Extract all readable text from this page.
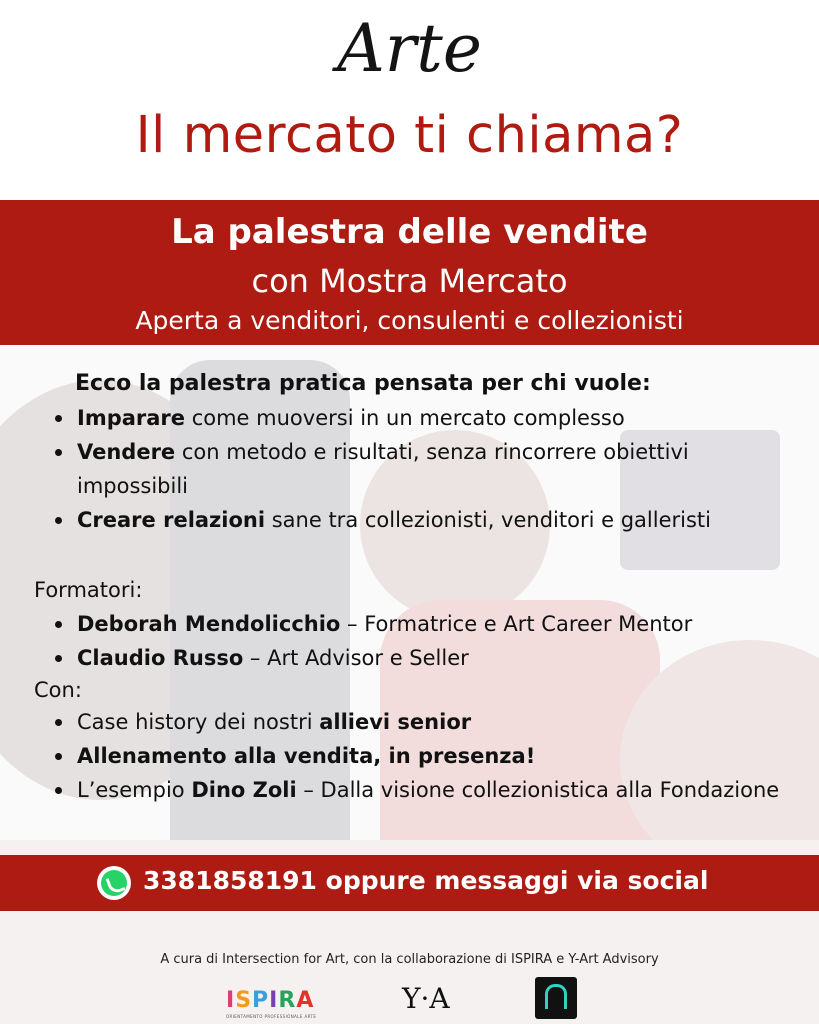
Arte
Il mercato ti chiama?
La palestra delle vendite
con Mostra Mercato
Aperta a venditori, consulenti e collezionisti
Ecco la palestra pratica pensata per chi vuole:
Imparare come muoversi in un mercato complesso
Vendere con metodo e risultati, senza rincorrere obiettivi impossibili
Creare relazioni sane tra collezionisti, venditori e galleristi
Formatori:
Deborah Mendolicchio – Formatrice e Art Career Mentor
Claudio Russo – Art Advisor e Seller
Con:
Case history dei nostri allievi senior
Allenamento alla vendita, in presenza!
L’esempio Dino Zoli – Dalla visione collezionistica alla Fondazione
3381858191 oppure messaggi via social
A cura di Intersection for Art, con la collaborazione di ISPIRA e Y-Art Advisory
ISPIRA
ORIENTAMENTO PROFESSIONALE ARTE
Y·A
